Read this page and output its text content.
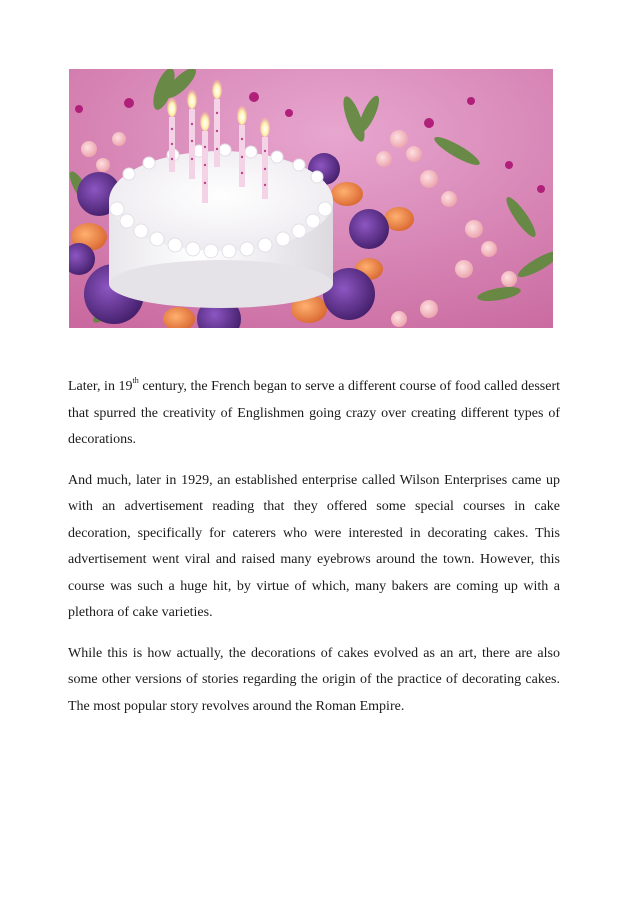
Later, in 19th century, the French began to serve a different course of food called dessert that spurred the creativity of Englishmen going crazy over creating different types of decorations.

And much, later in 1929, an established enterprise called Wilson Enterprises came up with an advertisement reading that they offered some special courses in cake decoration, specifically for caterers who were interested in decorating cakes. This advertisement went viral and raised many eyebrows around the town. However, this course was such a huge hit, by virtue of which, many bakers are coming up with a plethora of cake varieties.

While this is how actually, the decorations of cakes evolved as an art, there are also some other versions of stories regarding the origin of the practice of decorating cakes. The most popular story revolves around the Roman Empire.
